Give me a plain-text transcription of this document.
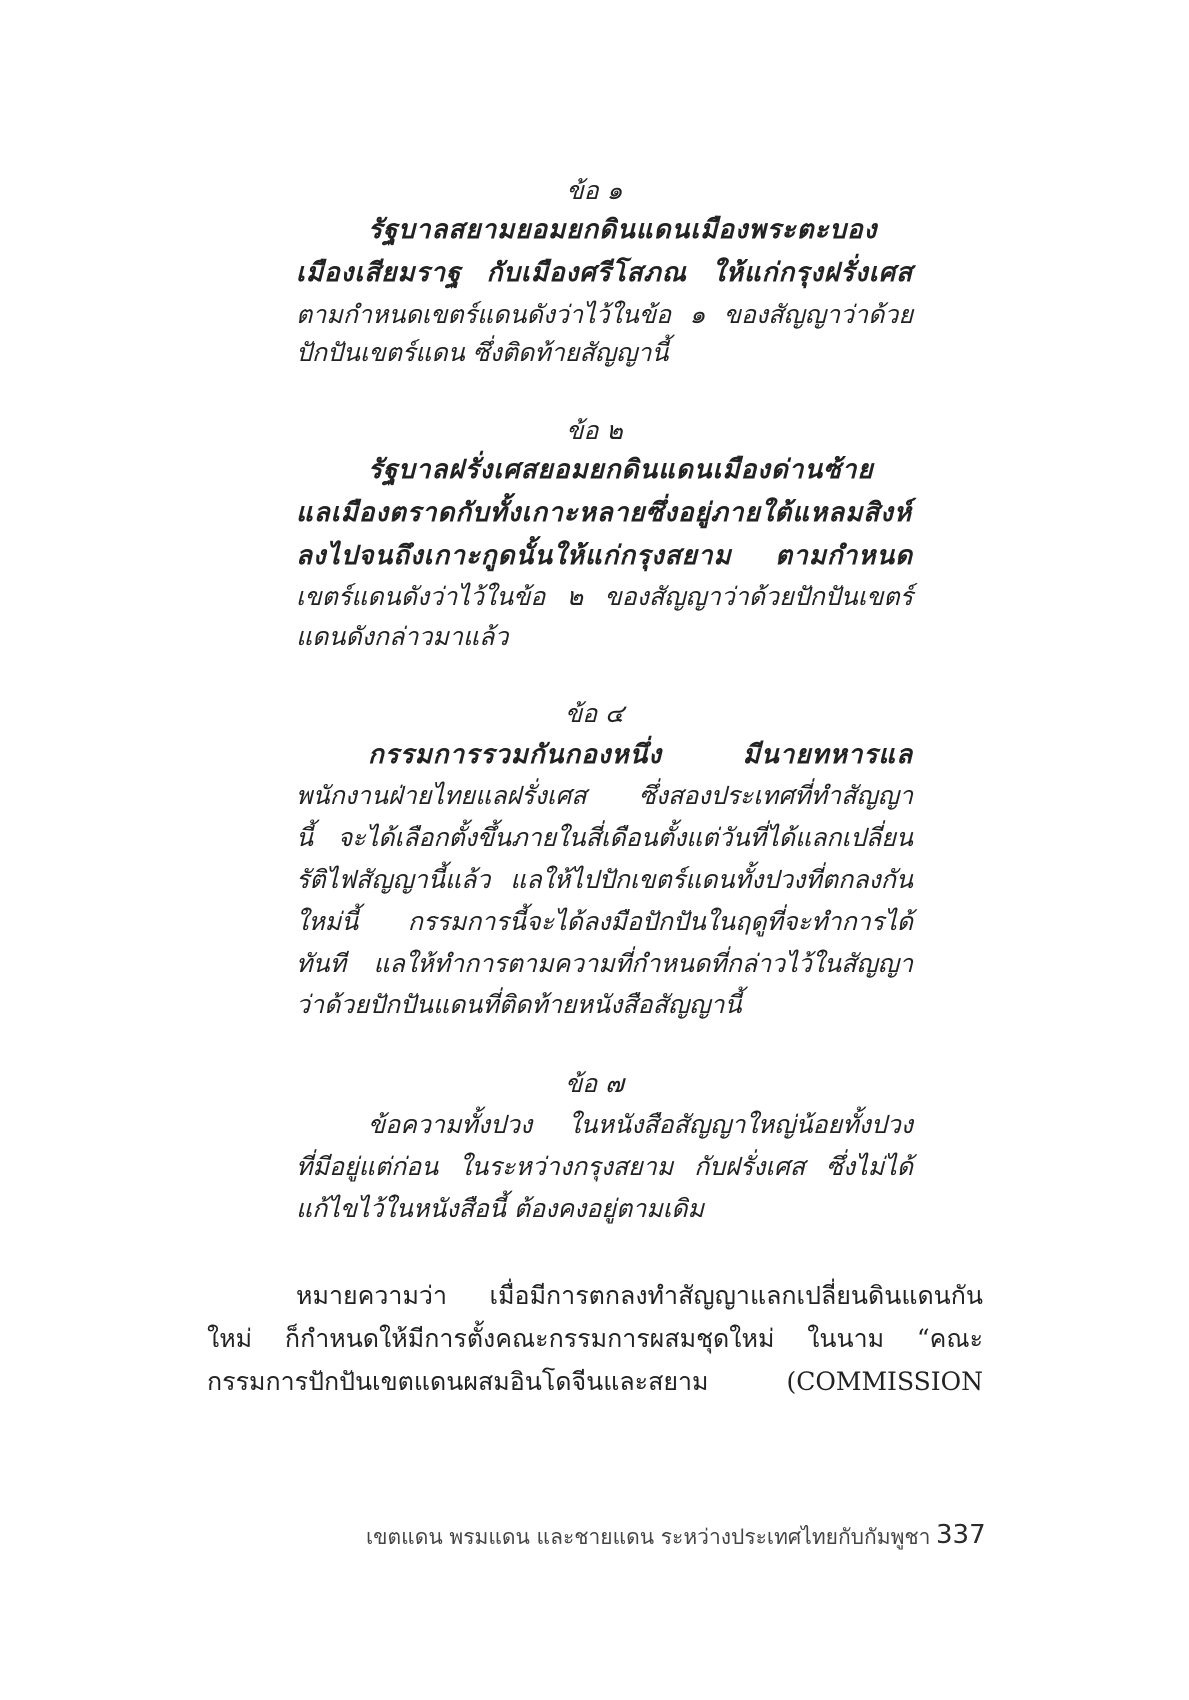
ข้อ ๑
รัฐบาลสยามยอมยกดินแดนเมืองพระตะบอง
เมืองเสียมราฐ กับเมืองศรีโสภณ ให้แก่กรุงฝรั่งเศส
ตามกำหนดเขตร์แดนดังว่าไว้ในข้อ ๑ ของสัญญาว่าด้วย
ปักปันเขตร์แดน ซึ่งติดท้ายสัญญานี้
ข้อ ๒
รัฐบาลฝรั่งเศสยอมยกดินแดนเมืองด่านซ้าย
แลเมืองตราดกับทั้งเกาะหลายซึ่งอยู่ภายใต้แหลมสิงห์
ลงไปจนถึงเกาะกูดนั้นให้แก่กรุงสยาม ตามกำหนด
เขตร์แดนดังว่าไว้ในข้อ ๒ ของสัญญาว่าด้วยปักปันเขตร์
แดนดังกล่าวมาแล้ว
ข้อ ๔
กรรมการรวมกันกองหนึ่ง มีนายทหารแล
พนักงานฝ่ายไทยแลฝรั่งเศส ซึ่งสองประเทศที่ทำสัญญา
นี้ จะได้เลือกตั้งขึ้นภายในสี่เดือนตั้งแต่วันที่ได้แลกเปลี่ยน
รัติไฟสัญญานี้แล้ว แลให้ไปปักเขตร์แดนทั้งปวงที่ตกลงกัน
ใหม่นี้ กรรมการนี้จะได้ลงมือปักปันในฤดูที่จะทำการได้
ทันที แลให้ทำการตามความที่กำหนดที่กล่าวไว้ในสัญญา
ว่าด้วยปักปันแดนที่ติดท้ายหนังสือสัญญานี้
ข้อ ๗
ข้อความทั้งปวง ในหนังสือสัญญาใหญ่น้อยทั้งปวง
ที่มีอยู่แต่ก่อน ในระหว่างกรุงสยาม กับฝรั่งเศส ซึ่งไม่ได้
แก้ไขไว้ในหนังสือนี้ ต้องคงอยู่ตามเดิม
หมายความว่า เมื่อมีการตกลงทำสัญญาแลกเปลี่ยนดินแดนกัน
ใหม่ ก็กำหนดให้มีการตั้งคณะกรรมการผสมชุดใหม่ ในนาม “คณะ
กรรมการปักปันเขตแดนผสมอินโดจีนและสยาม (COMMISSION
เขตแดน พรมแดน และชายแดน ระหว่างประเทศไทยกับกัมพูชา 337
